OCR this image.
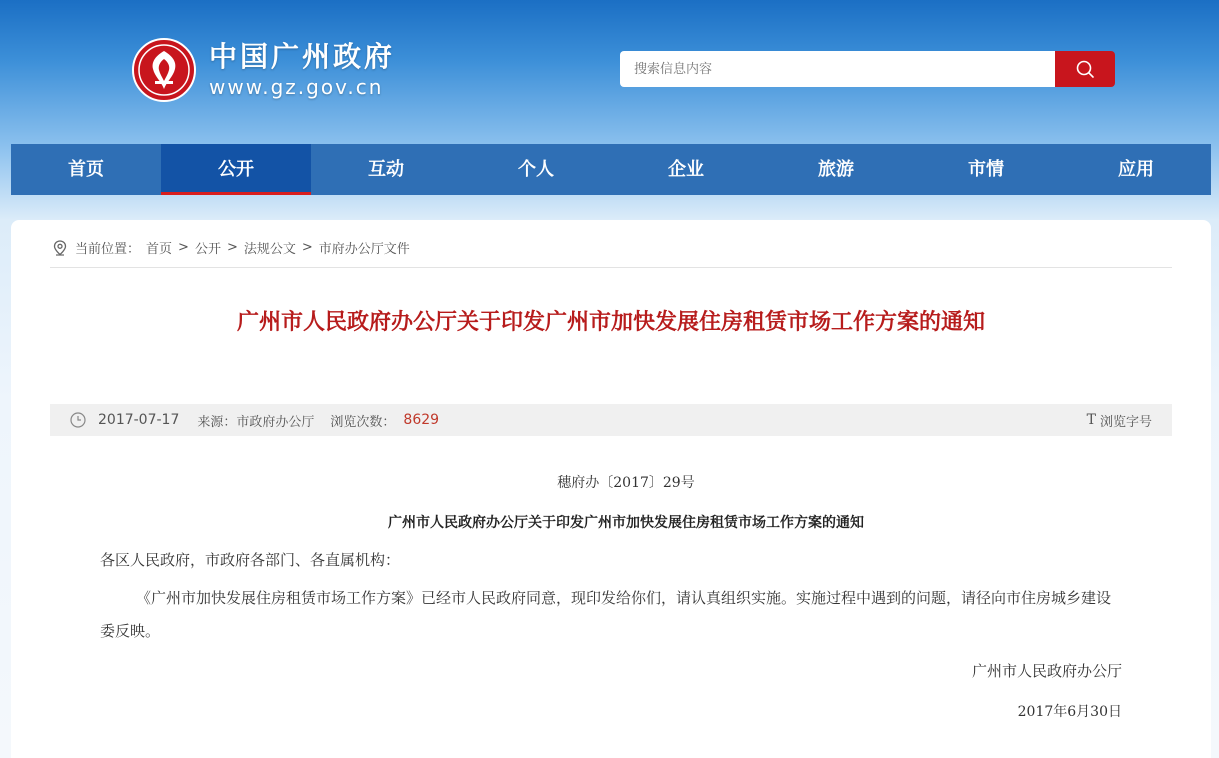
中国广州政府
www.gz.gov.cn
搜索信息内容
首页	公开	互动	个人	企业	旅游	市情	应用
当前位置： 首页 > 公开 > 法规公文 > 市府办公厅文件
广州市人民政府办公厅关于印发广州市加快发展住房租赁市场工作方案的通知
2017-07-17 来源：市政府办公厅 浏览次数： 8629	T 浏览字号
穗府办〔2017〕29号
广州市人民政府办公厅关于印发广州市加快发展住房租赁市场工作方案的通知

各区人民政府，市政府各部门、各直属机构：

《广州市加快发展住房租赁市场工作方案》已经市人民政府同意，现印发给你们，请认真组织实施。实施过程中遇到的问题，请径向市住房城乡建设委反映。

广州市人民政府办公厅
2017年6月30日
